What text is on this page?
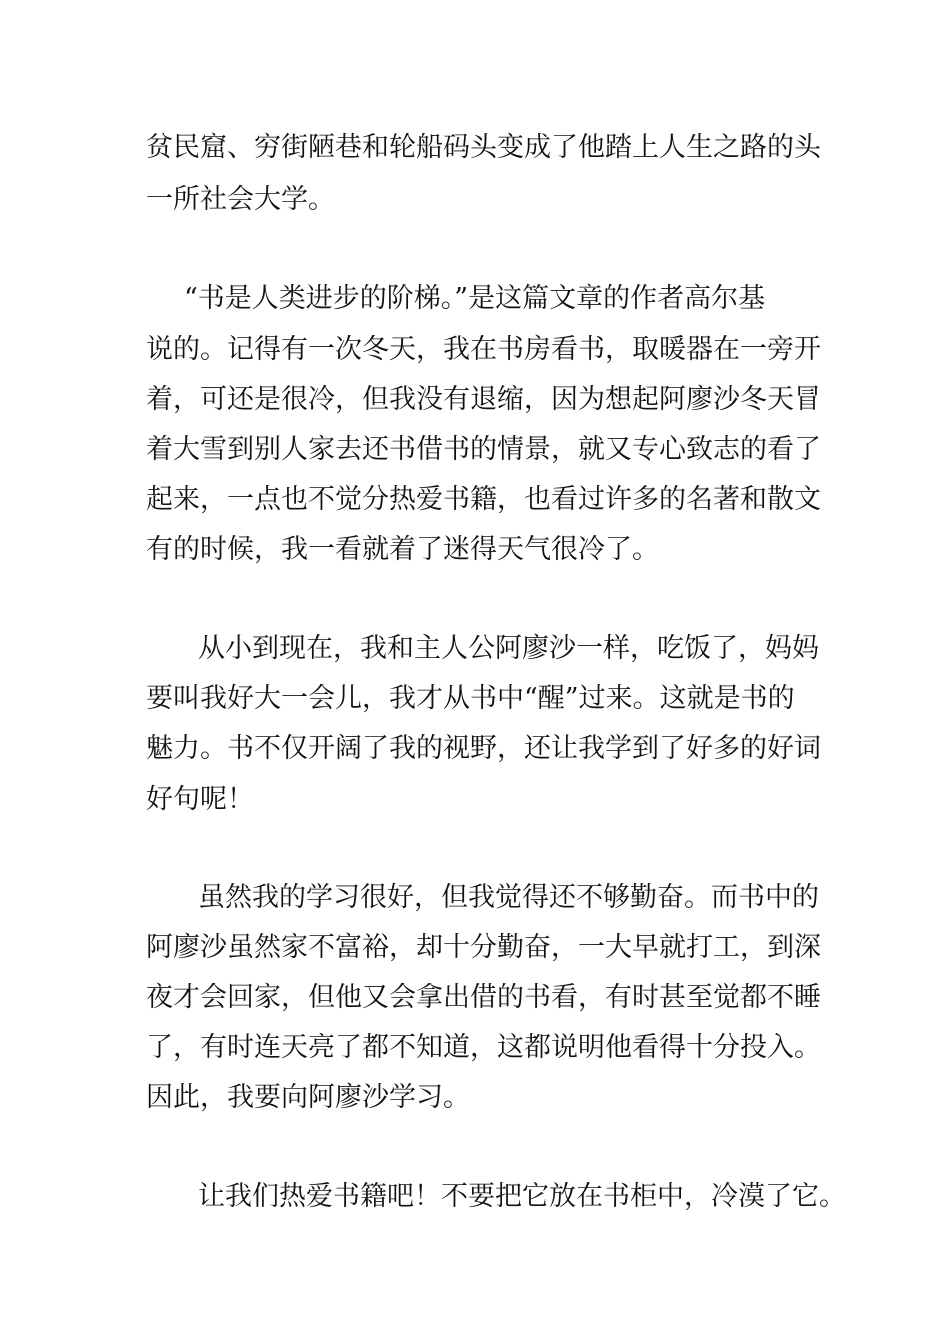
贫民窟、穷街陋巷和轮船码头变成了他踏上人生之路的头

一所社会大学。

“书是人类进步的阶梯。”是这篇文章的作者高尔基

说的。记得有一次冬天，我在书房看书，取暖器在一旁开

着，可还是很冷，但我没有退缩，因为想起阿廖沙冬天冒

着大雪到别人家去还书借书的情景，就又专心致志的看了

起来，一点也不觉分热爱书籍，也看过许多的名著和散文

有的时候，我一看就着了迷得天气很冷了。

从小到现在，我和主人公阿廖沙一样，吃饭了，妈妈

要叫我好大一会儿，我才从书中“醒”过来。这就是书的

魅力。书不仅开阔了我的视野，还让我学到了好多的好词

好句呢！

虽然我的学习很好，但我觉得还不够勤奋。而书中的

阿廖沙虽然家不富裕，却十分勤奋，一大早就打工，到深

夜才会回家，但他又会拿出借的书看，有时甚至觉都不睡

了，有时连天亮了都不知道，这都说明他看得十分投入。

因此，我要向阿廖沙学习。

让我们热爱书籍吧！不要把它放在书柜中，冷漠了它。
